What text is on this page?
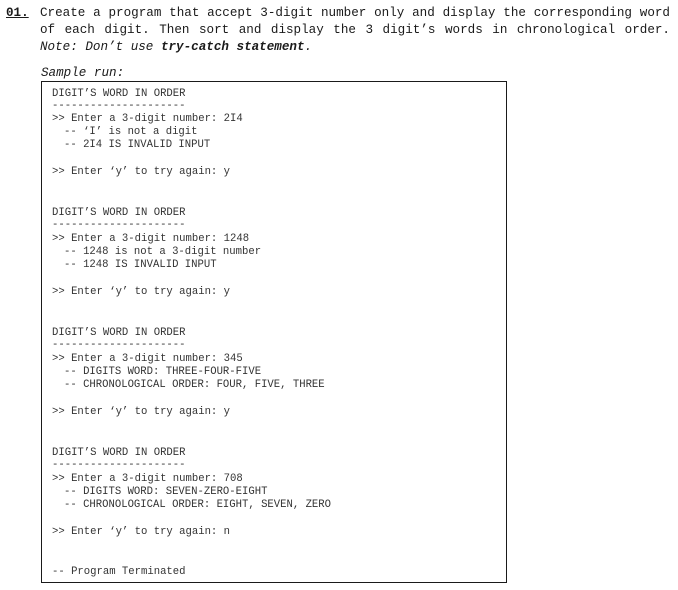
01. Create a program that accept 3-digit number only and display the corresponding word of each digit. Then sort and display the 3 digit’s words in chronological order. Note: Don’t use try-catch statement.
Sample run:
DIGIT’S WORD IN ORDER
---------------------
>> Enter a 3-digit number: 2I4
-- ‘I’ is not a digit
-- 2I4 IS INVALID INPUT
>> Enter ‘y’ to try again: y
DIGIT’S WORD IN ORDER
---------------------
>> Enter a 3-digit number: 1248
-- 1248 is not a 3-digit number
-- 1248 IS INVALID INPUT
>> Enter ‘y’ to try again: y
DIGIT’S WORD IN ORDER
---------------------
>> Enter a 3-digit number: 345
-- DIGITS WORD: THREE-FOUR-FIVE
-- CHRONOLOGICAL ORDER: FOUR, FIVE, THREE
>> Enter ‘y’ to try again: y
DIGIT’S WORD IN ORDER
---------------------
>> Enter a 3-digit number: 708
-- DIGITS WORD: SEVEN-ZERO-EIGHT
-- CHRONOLOGICAL ORDER: EIGHT, SEVEN, ZERO
>> Enter ‘y’ to try again: n
-- Program Terminated
